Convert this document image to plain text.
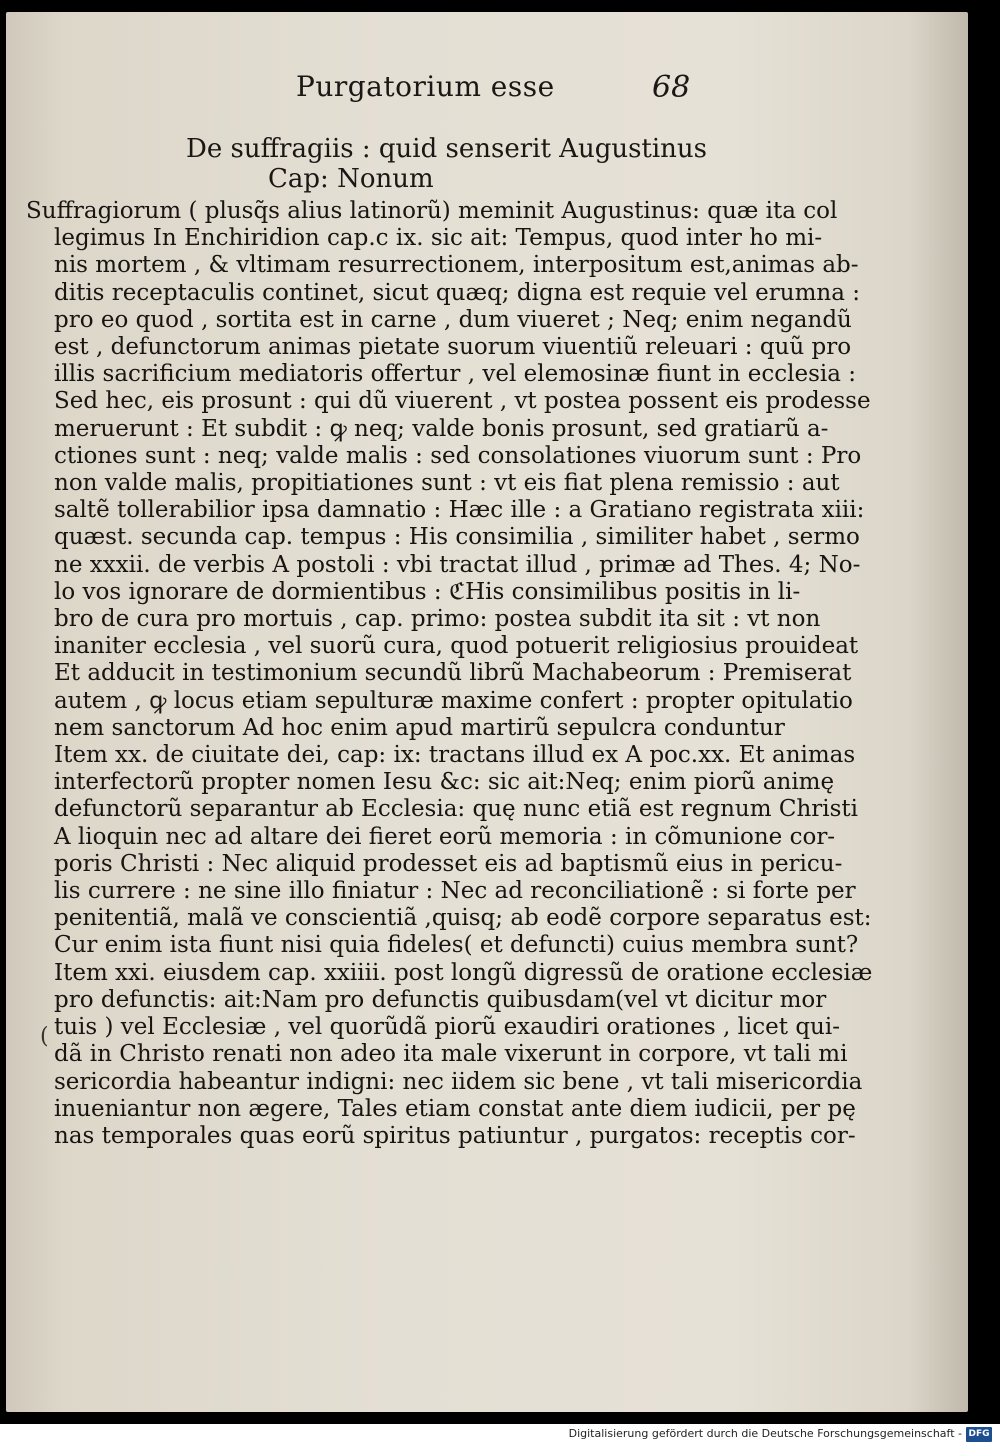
Purgatorium esse	68
De suffragiis : quid senserit Augustinus
Cap: Nonum
Suffragiorum ( plusq̃s alius latinorũ) meminit Augustinus: quæ ita col
legimus In Enchiridion cap.c ix. sic ait: Tempus, quod inter ho mi-
nis mortem , & vltimam resurrectionem, interpositum est,animas ab-
ditis receptaculis continet, sicut quæq; digna est requie vel erumna :
pro eo quod , sortita est in carne , dum viueret ; Neq; enim negandũ
est , defunctorum animas pietate suorum viuentiũ releuari : quũ pro
illis sacrificium mediatoris offertur , vel elemosinæ fiunt in ecclesia :
Sed hec, eis prosunt : qui dũ viuerent , vt postea possent eis prodesse
meruerunt : Et subdit : ꝙ neq; valde bonis prosunt, sed gratiarũ a-
ctiones sunt : neq; valde malis : sed consolationes viuorum sunt : Pro
non valde malis, propitiationes sunt : vt eis fiat plena remissio : aut
saltẽ tollerabilior ipsa damnatio : Hæc ille : a Gratiano registrata xiii:
quæst. secunda cap. tempus : His consimilia , similiter habet , sermo
ne xxxii. de verbis A postoli : vbi tractat illud , primæ ad Thes. 4; No-
lo vos ignorare de dormientibus : ℭHis consimilibus positis in li-
bro de cura pro mortuis , cap. primo: postea subdit ita sit : vt non
inaniter ecclesia , vel suorũ cura, quod potuerit religiosius prouideat
Et adducit in testimonium secundũ librũ Machabeorum : Premiserat
autem , ꝙ locus etiam sepulturæ maxime confert : propter opitulatio
nem sanctorum Ad hoc enim apud martirũ sepulcra conduntur
Item xx. de ciuitate dei, cap: ix: tractans illud ex A poc.xx. Et animas
interfectorũ propter nomen Iesu &c: sic ait:Neq; enim piorũ animę
defunctorũ separantur ab Ecclesia: quę nunc etiã est regnum Christi
A lioquin nec ad altare dei fieret eorũ memoria : in cõmunione cor-
poris Christi : Nec aliquid prodesset eis ad baptismũ eius in pericu-
lis currere : ne sine illo finiatur : Nec ad reconciliationẽ : si forte per
penitentiã, malã ve conscientiã ,quisq; ab eodẽ corpore separatus est:
Cur enim ista fiunt nisi quia fideles( et defuncti) cuius membra sunt?
Item xxi. eiusdem cap. xxiiii. post longũ digressũ de oratione ecclesiæ
pro defunctis: ait:Nam pro defunctis quibusdam(vel vt dicitur mor
tuis ) vel Ecclesiæ , vel quorũdã piorũ exaudiri orationes , licet qui-
dã in Christo renati non adeo ita male vixerunt in corpore, vt tali mi
sericordia habeantur indigni: nec iidem sic bene , vt tali misericordia
inueniantur non ægere, Tales etiam constat ante diem iudicii, per pę
nas temporales quas eorũ spiritus patiuntur , purgatos: receptis cor-
(
Digitalisierung gefördert durch die Deutsche Forschungsgemeinschaft - DFG
